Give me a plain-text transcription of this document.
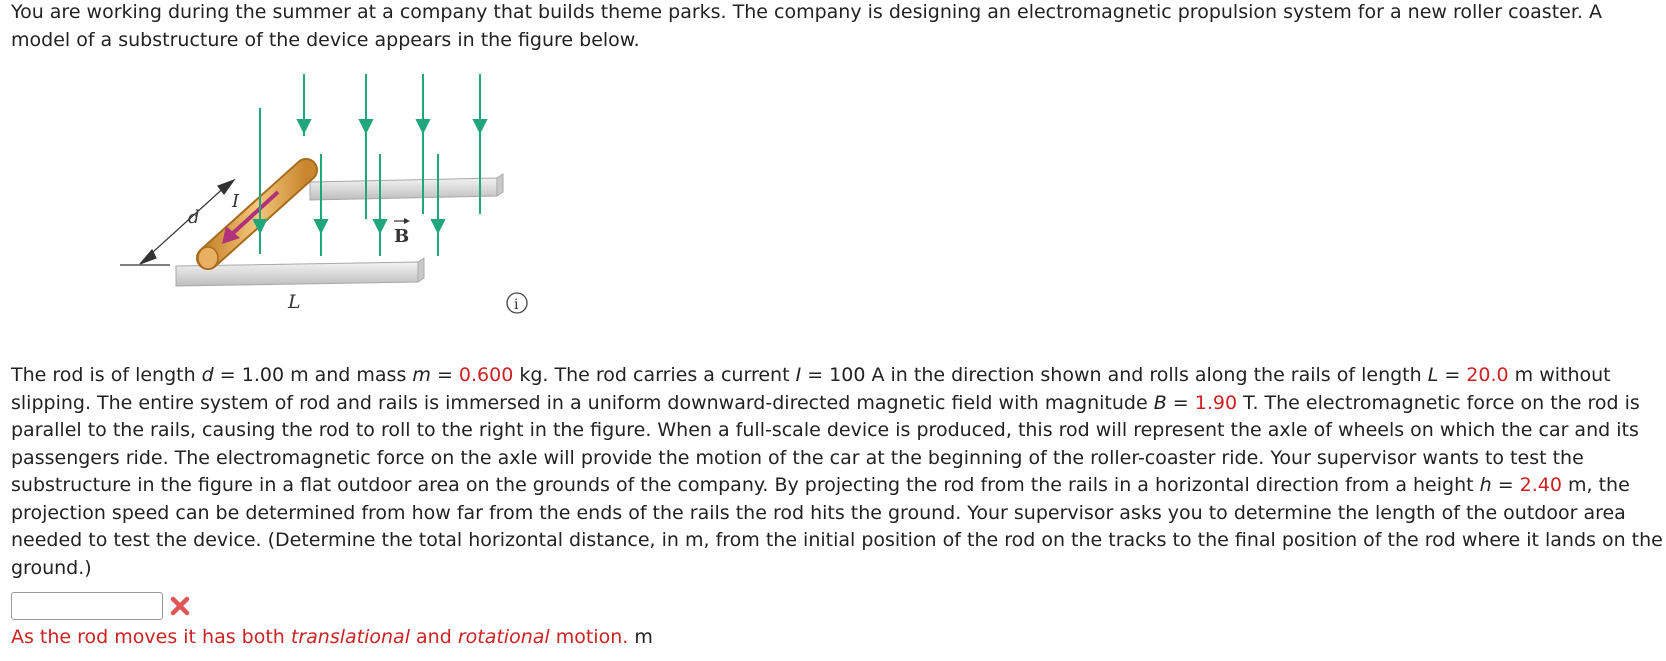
You are working during the summer at a company that builds theme parks. The company is designing an electromagnetic propulsion system for a new roller coaster. A model of a substructure of the device appears in the figure below.

d
I
B
L	i

The rod is of length d = 1.00 m and mass m = 0.600 kg. The rod carries a current I = 100 A in the direction shown and rolls along the rails of length L = 20.0 m without slipping. The entire system of rod and rails is immersed in a uniform downward-directed magnetic field with magnitude B = 1.90 T. The electromagnetic force on the rod is parallel to the rails, causing the rod to roll to the right in the figure. When a full-scale device is produced, this rod will represent the axle of wheels on which the car and its passengers ride. The electromagnetic force on the axle will provide the motion of the car at the beginning of the roller-coaster ride. Your supervisor wants to test the substructure in the figure in a flat outdoor area on the grounds of the company. By projecting the rod from the rails in a horizontal direction from a height h = 2.40 m, the projection speed can be determined from how far from the ends of the rails the rod hits the ground. Your supervisor asks you to determine the length of the outdoor area needed to test the device. (Determine the total horizontal distance, in m, from the initial position of the rod on the tracks to the final position of the rod where it lands on the ground.)

As the rod moves it has both translational and rotational motion. m
